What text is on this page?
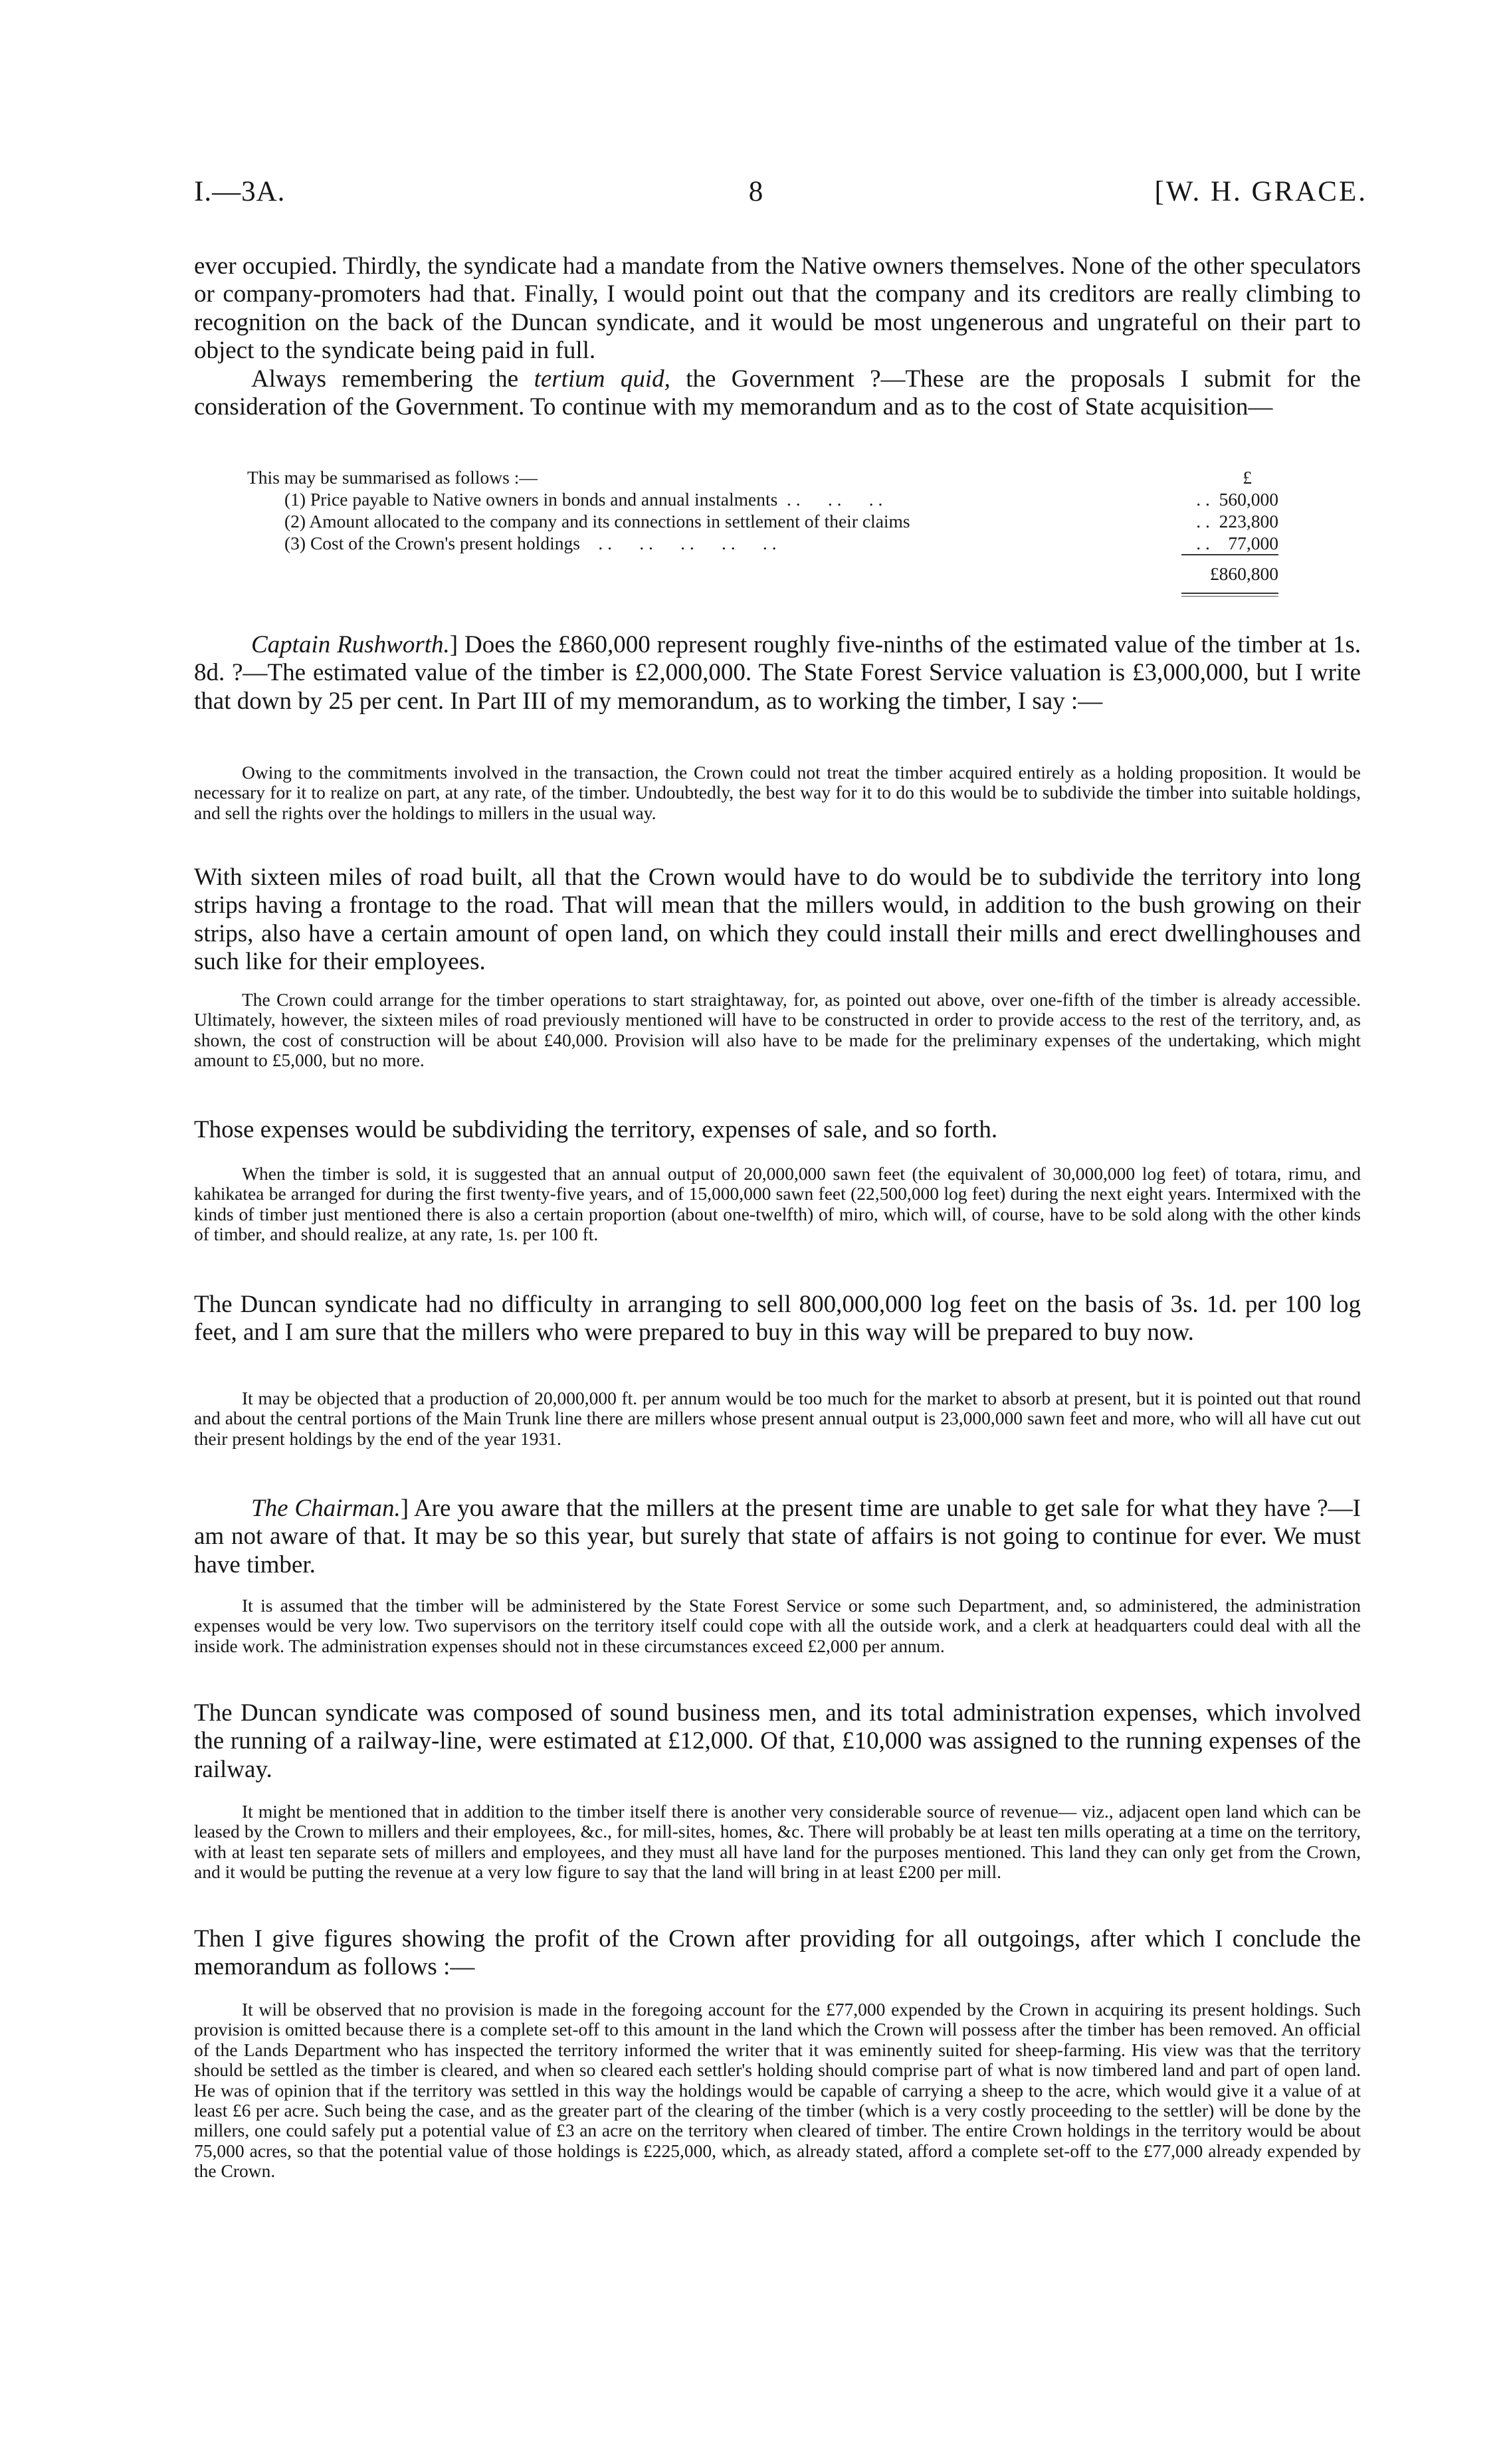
I.—3A.	8	[W. H. GRACE.

ever occupied. Thirdly, the syndicate had a mandate from the Native owners themselves. None of the other speculators or company-promoters had that. Finally, I would point out that the company and its creditors are really climbing to recognition on the back of the Duncan syndicate, and it would be most ungenerous and ungrateful on their part to object to the syndicate being paid in full.

Always remembering the tertium quid, the Government ?—These are the proposals I submit for the consideration of the Government. To continue with my memorandum and as to the cost of State acquisition—

This may be summarised as follows :—	£
(1) Price payable to Native owners in bonds and annual instalments  . .      . .      . .	. .  560,000
(2) Amount allocated to the company and its connections in settlement of their claims	. .  223,800
(3) Cost of the Crown's present holdings    . .      . .      . .      . .      . .	. .    77,000
£860,800

Captain Rushworth.] Does the £860,000 represent roughly five-ninths of the estimated value of the timber at 1s. 8d. ?—The estimated value of the timber is £2,000,000. The State Forest Service valuation is £3,000,000, but I write that down by 25 per cent. In Part III of my memorandum, as to working the timber, I say :—

Owing to the commitments involved in the transaction, the Crown could not treat the timber acquired entirely as a holding proposition. It would be necessary for it to realize on part, at any rate, of the timber. Undoubtedly, the best way for it to do this would be to subdivide the timber into suitable holdings, and sell the rights over the holdings to millers in the usual way.

With sixteen miles of road built, all that the Crown would have to do would be to subdivide the territory into long strips having a frontage to the road. That will mean that the millers would, in addition to the bush growing on their strips, also have a certain amount of open land, on which they could install their mills and erect dwellinghouses and such like for their employees.

The Crown could arrange for the timber operations to start straightaway, for, as pointed out above, over one-fifth of the timber is already accessible. Ultimately, however, the sixteen miles of road previously mentioned will have to be constructed in order to provide access to the rest of the territory, and, as shown, the cost of construction will be about £40,000. Provision will also have to be made for the preliminary expenses of the undertaking, which might amount to £5,000, but no more.

Those expenses would be subdividing the territory, expenses of sale, and so forth.

When the timber is sold, it is suggested that an annual output of 20,000,000 sawn feet (the equivalent of 30,000,000 log feet) of totara, rimu, and kahikatea be arranged for during the first twenty-five years, and of 15,000,000 sawn feet (22,500,000 log feet) during the next eight years. Intermixed with the kinds of timber just mentioned there is also a certain proportion (about one-twelfth) of miro, which will, of course, have to be sold along with the other kinds of timber, and should realize, at any rate, 1s. per 100 ft.

The Duncan syndicate had no difficulty in arranging to sell 800,000,000 log feet on the basis of 3s. 1d. per 100 log feet, and I am sure that the millers who were prepared to buy in this way will be prepared to buy now.

It may be objected that a production of 20,000,000 ft. per annum would be too much for the market to absorb at present, but it is pointed out that round and about the central portions of the Main Trunk line there are millers whose present annual output is 23,000,000 sawn feet and more, who will all have cut out their present holdings by the end of the year 1931.

The Chairman.] Are you aware that the millers at the present time are unable to get sale for what they have ?—I am not aware of that. It may be so this year, but surely that state of affairs is not going to continue for ever. We must have timber.

It is assumed that the timber will be administered by the State Forest Service or some such Department, and, so administered, the administration expenses would be very low. Two supervisors on the territory itself could cope with all the outside work, and a clerk at headquarters could deal with all the inside work. The administration expenses should not in these circumstances exceed £2,000 per annum.

The Duncan syndicate was composed of sound business men, and its total administration expenses, which involved the running of a railway-line, were estimated at £12,000. Of that, £10,000 was assigned to the running expenses of the railway.

It might be mentioned that in addition to the timber itself there is another very considerable source of revenue— viz., adjacent open land which can be leased by the Crown to millers and their employees, &c., for mill-sites, homes, &c. There will probably be at least ten mills operating at a time on the territory, with at least ten separate sets of millers and employees, and they must all have land for the purposes mentioned. This land they can only get from the Crown, and it would be putting the revenue at a very low figure to say that the land will bring in at least £200 per mill.

Then I give figures showing the profit of the Crown after providing for all outgoings, after which I conclude the memorandum as follows :—

It will be observed that no provision is made in the foregoing account for the £77,000 expended by the Crown in acquiring its present holdings. Such provision is omitted because there is a complete set-off to this amount in the land which the Crown will possess after the timber has been removed. An official of the Lands Department who has inspected the territory informed the writer that it was eminently suited for sheep-farming. His view was that the territory should be settled as the timber is cleared, and when so cleared each settler's holding should comprise part of what is now timbered land and part of open land. He was of opinion that if the territory was settled in this way the holdings would be capable of carrying a sheep to the acre, which would give it a value of at least £6 per acre. Such being the case, and as the greater part of the clearing of the timber (which is a very costly proceeding to the settler) will be done by the millers, one could safely put a potential value of £3 an acre on the territory when cleared of timber. The entire Crown holdings in the territory would be about 75,000 acres, so that the potential value of those holdings is £225,000, which, as already stated, afford a complete set-off to the £77,000 already expended by the Crown.
